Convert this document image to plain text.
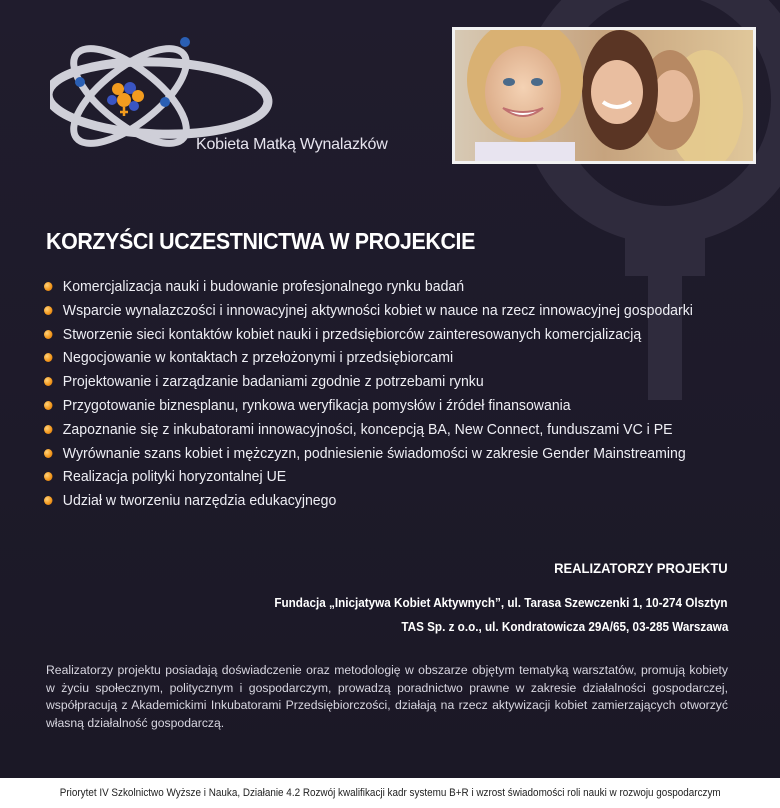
Kobieta Matką Wynalazków
KORZYŚCI UCZESTNICTWA W PROJEKCIE
Komercjalizacja nauki i budowanie profesjonalnego rynku badań
Wsparcie wynalazczości i innowacyjnej aktywności kobiet w nauce na rzecz innowacyjnej gospodarki
Stworzenie sieci kontaktów kobiet nauki i przedsiębiorców zainteresowanych komercjalizacją
Negocjowanie w kontaktach z przełożonymi i przedsiębiorcami
Projektowanie i zarządzanie badaniami zgodnie z potrzebami rynku
Przygotowanie biznesplanu, rynkowa weryfikacja pomysłów i źródeł finansowania
Zapoznanie się z inkubatorami innowacyjności, koncepcją BA, New Connect, funduszami VC i PE
Wyrównanie szans kobiet i mężczyzn, podniesienie świadomości w zakresie Gender Mainstreaming
Realizacja polityki horyzontalnej UE
Udział w tworzeniu narzędzia edukacyjnego
REALIZATORZY PROJEKTU
Fundacja „Inicjatywa Kobiet Aktywnych”, ul. Tarasa Szewczenki 1, 10-274 Olsztyn
TAS Sp. z o.o., ul. Kondratowicza 29A/65, 03-285 Warszawa

Realizatorzy projektu posiadają doświadczenie oraz metodologię w obszarze objętym tematyką warsztatów, promują kobiety w życiu społecznym, politycznym i gospodarczym, prowadzą poradnictwo prawne w zakresie działalności gospodarczej, współpracują z Akademickimi Inkubatorami Przedsiębiorczości, działają na rzecz aktywizacji kobiet zamierzających otworzyć własną działalność gospodarczą.

Priorytet IV Szkolnictwo Wyższe i Nauka, Działanie 4.2 Rozwój kwalifikacji kadr systemu B+R i wzrost świadomości roli nauki w rozwoju gospodarczym
